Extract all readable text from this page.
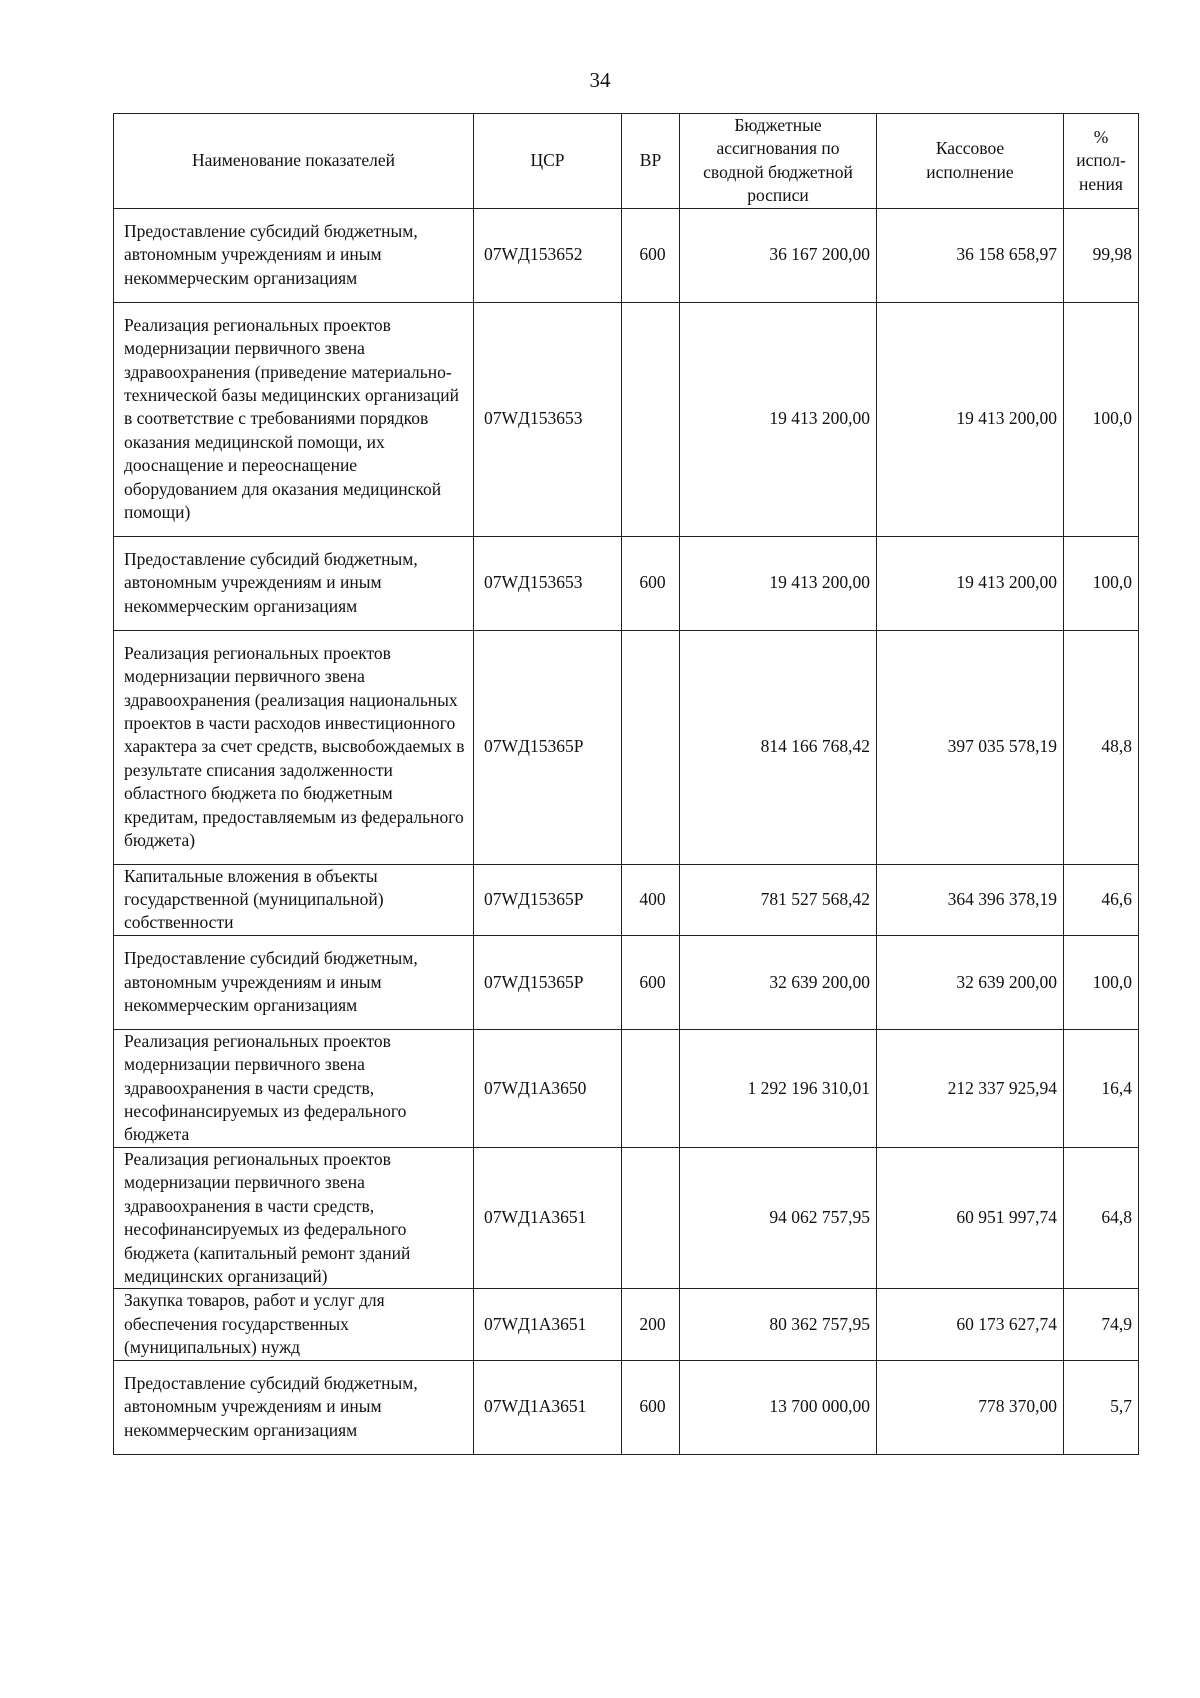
34
Наименование показателей	ЦСР	ВР	Бюджетные ассигнования по сводной бюджетной росписи	Кассовое исполнение	% испол-нения
Предоставление субсидий бюджетным, автономным учреждениям и иным некоммерческим организациям	07WД153652	600	36 167 200,00	36 158 658,97	99,98
Реализация региональных проектов модернизации первичного звена здравоохранения (приведение материально-технической базы медицинских организаций в соответствие с требованиями порядков оказания медицинской помощи, их дооснащение и переоснащение оборудованием для оказания медицинской помощи)	07WД153653		19 413 200,00	19 413 200,00	100,0
Предоставление субсидий бюджетным, автономным учреждениям и иным некоммерческим организациям	07WД153653	600	19 413 200,00	19 413 200,00	100,0
Реализация региональных проектов модернизации первичного звена здравоохранения (реализация национальных проектов в части расходов инвестиционного характера за счет средств, высвобождаемых в результате списания задолженности областного бюджета по бюджетным кредитам, предоставляемым из федерального бюджета)	07WД15365Р		814 166 768,42	397 035 578,19	48,8
Капитальные вложения в объекты государственной (муниципальной) собственности	07WД15365Р	400	781 527 568,42	364 396 378,19	46,6
Предоставление субсидий бюджетным, автономным учреждениям и иным некоммерческим организациям	07WД15365Р	600	32 639 200,00	32 639 200,00	100,0
Реализация региональных проектов модернизации первичного звена здравоохранения в части средств, несофинансируемых из федерального бюджета	07WД1А3650		1 292 196 310,01	212 337 925,94	16,4
Реализация региональных проектов модернизации первичного звена здравоохранения в части средств, несофинансируемых из федерального бюджета (капитальный ремонт зданий медицинских организаций)	07WД1А3651		94 062 757,95	60 951 997,74	64,8
Закупка товаров, работ и услуг для обеспечения государственных (муниципальных) нужд	07WД1А3651	200	80 362 757,95	60 173 627,74	74,9
Предоставление субсидий бюджетным, автономным учреждениям и иным некоммерческим организациям	07WД1А3651	600	13 700 000,00	778 370,00	5,7
